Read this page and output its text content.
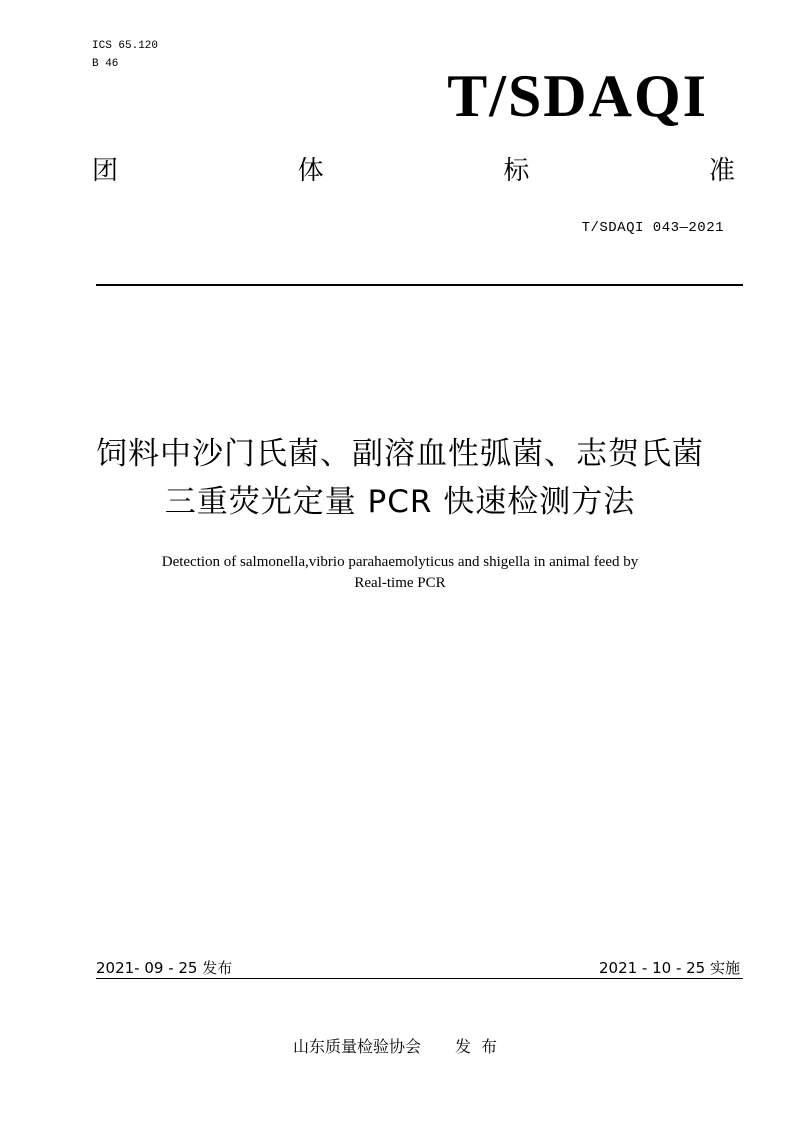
ICS 65.120
B 46	T/SDAQI
团	体	标	准
T/SDAQI 043—2021
饲料中沙门氏菌、副溶血性弧菌、志贺氏菌
三重荧光定量 PCR 快速检测方法
Detection of salmonella,vibrio parahaemolyticus and shigella in animal feed by
Real-time PCR
2021- 09 - 25 发布	2021 - 10 - 25 实施
山东质量检验协会 发布
